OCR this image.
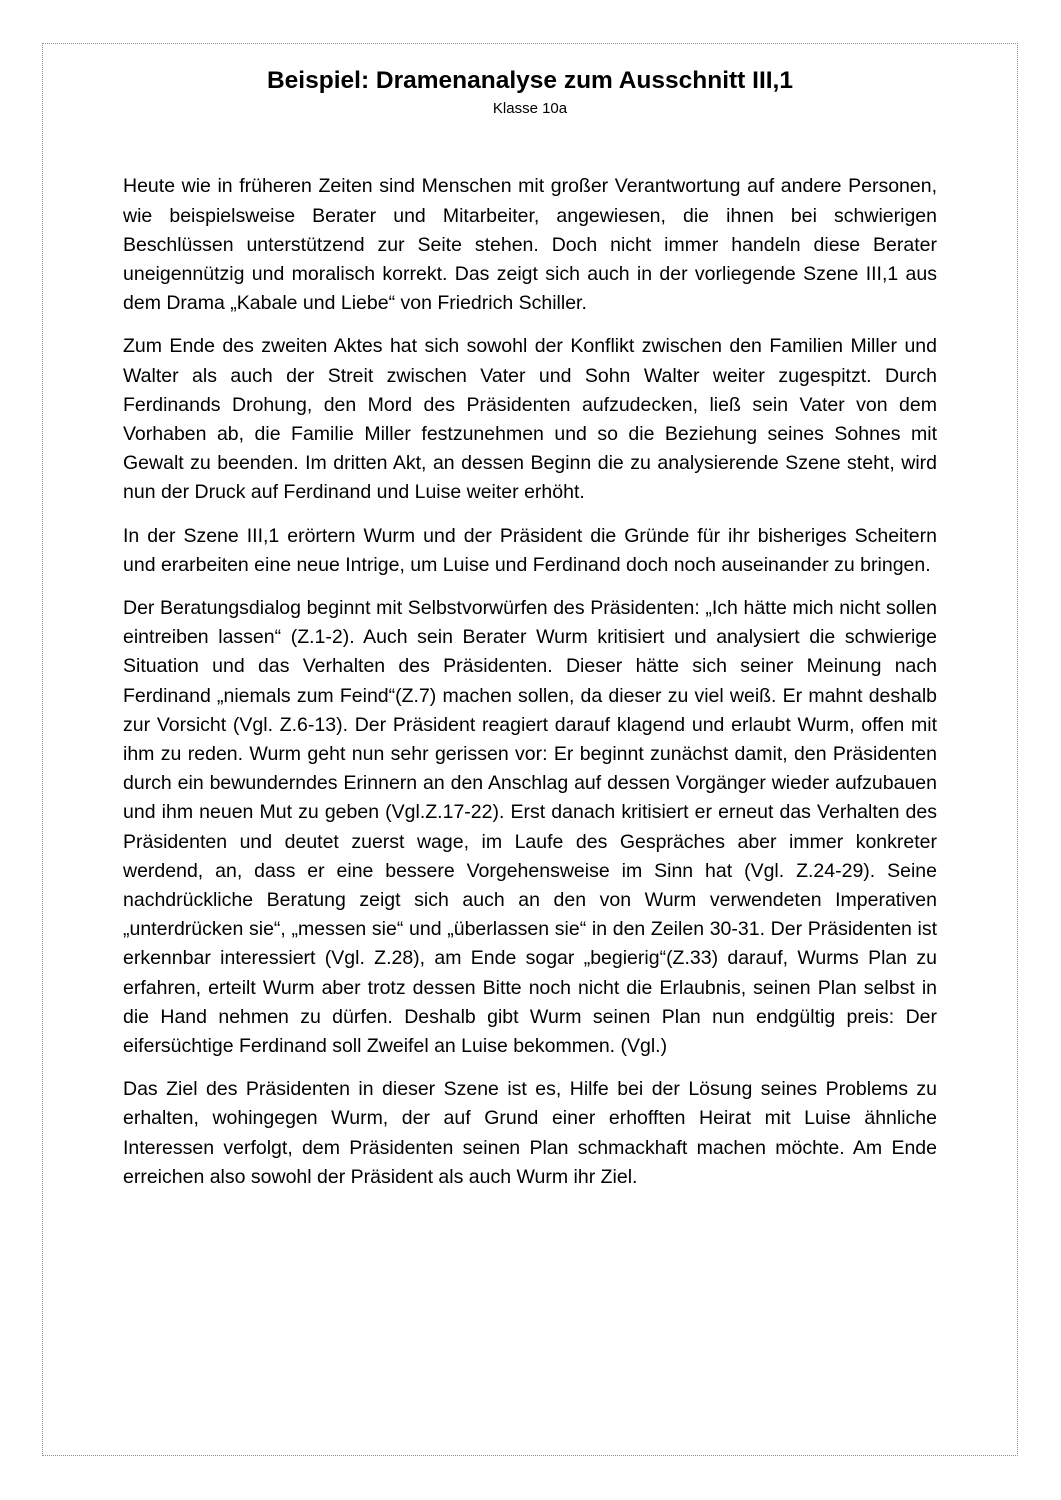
Beispiel: Dramenanalyse zum Ausschnitt III,1
Klasse 10a

Heute wie in früheren Zeiten sind Menschen mit großer Verantwortung auf andere Personen, wie beispielsweise Berater und Mitarbeiter, angewiesen, die ihnen bei schwierigen Beschlüssen unterstützend zur Seite stehen. Doch nicht immer handeln diese Berater uneigennützig und moralisch korrekt. Das zeigt sich auch in der vorliegende Szene III,1 aus dem Drama „Kabale und Liebe“ von Friedrich Schiller.

Zum Ende des zweiten Aktes hat sich sowohl der Konflikt zwischen den Familien Miller und Walter als auch der Streit zwischen Vater und Sohn Walter weiter zugespitzt. Durch Ferdinands Drohung, den Mord des Präsidenten aufzudecken, ließ sein Vater von dem Vorhaben ab, die Familie Miller festzunehmen und so die Beziehung seines Sohnes mit Gewalt zu beenden. Im dritten Akt, an dessen Beginn die zu analysierende Szene steht, wird nun der Druck auf Ferdinand und Luise weiter erhöht.

In der Szene III,1 erörtern Wurm und der Präsident die Gründe für ihr bisheriges Scheitern und erarbeiten eine neue Intrige, um Luise und Ferdinand doch noch auseinander zu bringen.

Der Beratungsdialog beginnt mit Selbstvorwürfen des Präsidenten: „Ich hätte mich nicht sollen eintreiben lassen“ (Z.1-2). Auch sein Berater Wurm kritisiert und analysiert die schwierige Situation und das Verhalten des Präsidenten. Dieser hätte sich seiner Meinung nach Ferdinand „niemals zum Feind“(Z.7) machen sollen, da dieser zu viel weiß. Er mahnt deshalb zur Vorsicht (Vgl. Z.6-13). Der Präsident reagiert darauf klagend und erlaubt Wurm, offen mit ihm zu reden. Wurm geht nun sehr gerissen vor: Er beginnt zunächst damit, den Präsidenten durch ein bewunderndes Erinnern an den Anschlag auf dessen Vorgänger wieder aufzubauen und ihm neuen Mut zu geben (Vgl.Z.17-22). Erst danach kritisiert er erneut das Verhalten des Präsidenten und deutet zuerst wage, im Laufe des Gespräches aber immer konkreter werdend, an, dass er eine bessere Vorgehensweise im Sinn hat (Vgl. Z.24-29). Seine nachdrückliche Beratung zeigt sich auch an den von Wurm verwendeten Imperativen „unterdrücken sie“, „messen sie“ und „überlassen sie“ in den Zeilen 30-31. Der Präsidenten ist erkennbar interessiert (Vgl. Z.28), am Ende sogar „begierig“(Z.33) darauf, Wurms Plan zu erfahren, erteilt Wurm aber trotz dessen Bitte noch nicht die Erlaubnis, seinen Plan selbst in die Hand nehmen zu dürfen. Deshalb gibt Wurm seinen Plan nun endgültig preis: Der eifersüchtige Ferdinand soll Zweifel an Luise bekommen. (Vgl.)

Das Ziel des Präsidenten in dieser Szene ist es, Hilfe bei der Lösung seines Problems zu erhalten, wohingegen Wurm, der auf Grund einer erhofften Heirat mit Luise ähnliche Interessen verfolgt, dem Präsidenten seinen Plan schmackhaft machen möchte. Am Ende erreichen also sowohl der Präsident als auch Wurm ihr Ziel.
